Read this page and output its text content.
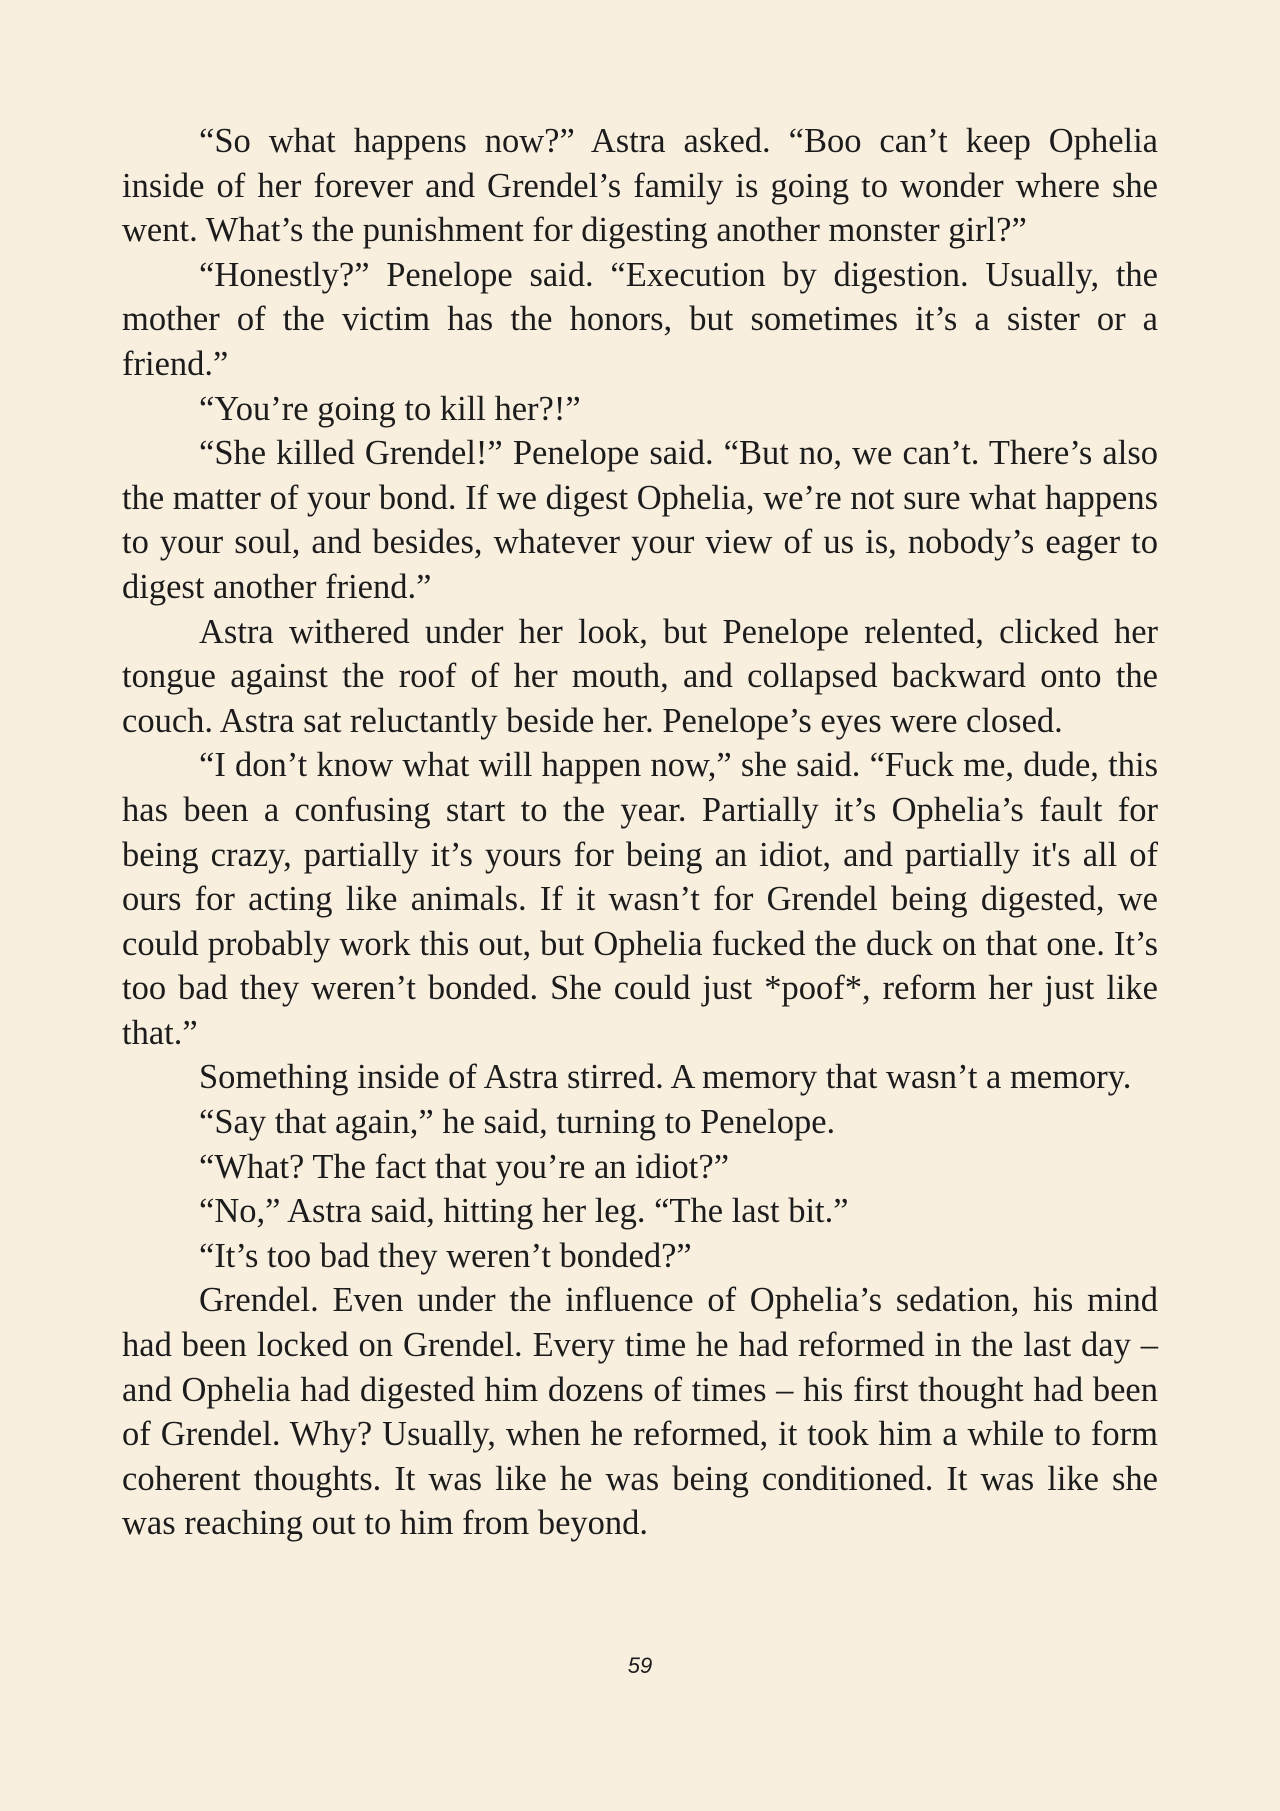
“So what happens now?” Astra asked. “Boo can’t keep Ophelia inside of her forever and Grendel’s family is going to wonder where she went. What’s the punishment for digesting another monster girl?”

“Honestly?” Penelope said. “Execution by digestion. Usually, the mother of the victim has the honors, but sometimes it’s a sister or a friend.”

“You’re going to kill her?!”

“She killed Grendel!” Penelope said. “But no, we can’t. There’s also the matter of your bond. If we digest Ophelia, we’re not sure what happens to your soul, and besides, whatever your view of us is, nobody’s eager to digest another friend.”

Astra withered under her look, but Penelope relented, clicked her tongue against the roof of her mouth, and collapsed backward onto the couch. Astra sat reluctantly beside her. Penelope’s eyes were closed.

“I don’t know what will happen now,” she said. “Fuck me, dude, this has been a confusing start to the year. Partially it’s Ophelia’s fault for being crazy, partially it’s yours for being an idiot, and partially it's all of ours for acting like animals. If it wasn’t for Grendel being digested, we could probably work this out, but Ophelia fucked the duck on that one. It’s too bad they weren’t bonded. She could just *poof*, reform her just like that.”

Something inside of Astra stirred. A memory that wasn’t a memory.

“Say that again,” he said, turning to Penelope.

“What? The fact that you’re an idiot?”

“No,” Astra said, hitting her leg. “The last bit.”

“It’s too bad they weren’t bonded?”

Grendel. Even under the influence of Ophelia’s sedation, his mind had been locked on Grendel. Every time he had reformed in the last day – and Ophelia had digested him dozens of times – his first thought had been of Grendel. Why? Usually, when he reformed, it took him a while to form coherent thoughts. It was like he was being conditioned. It was like she was reaching out to him from beyond.

59
